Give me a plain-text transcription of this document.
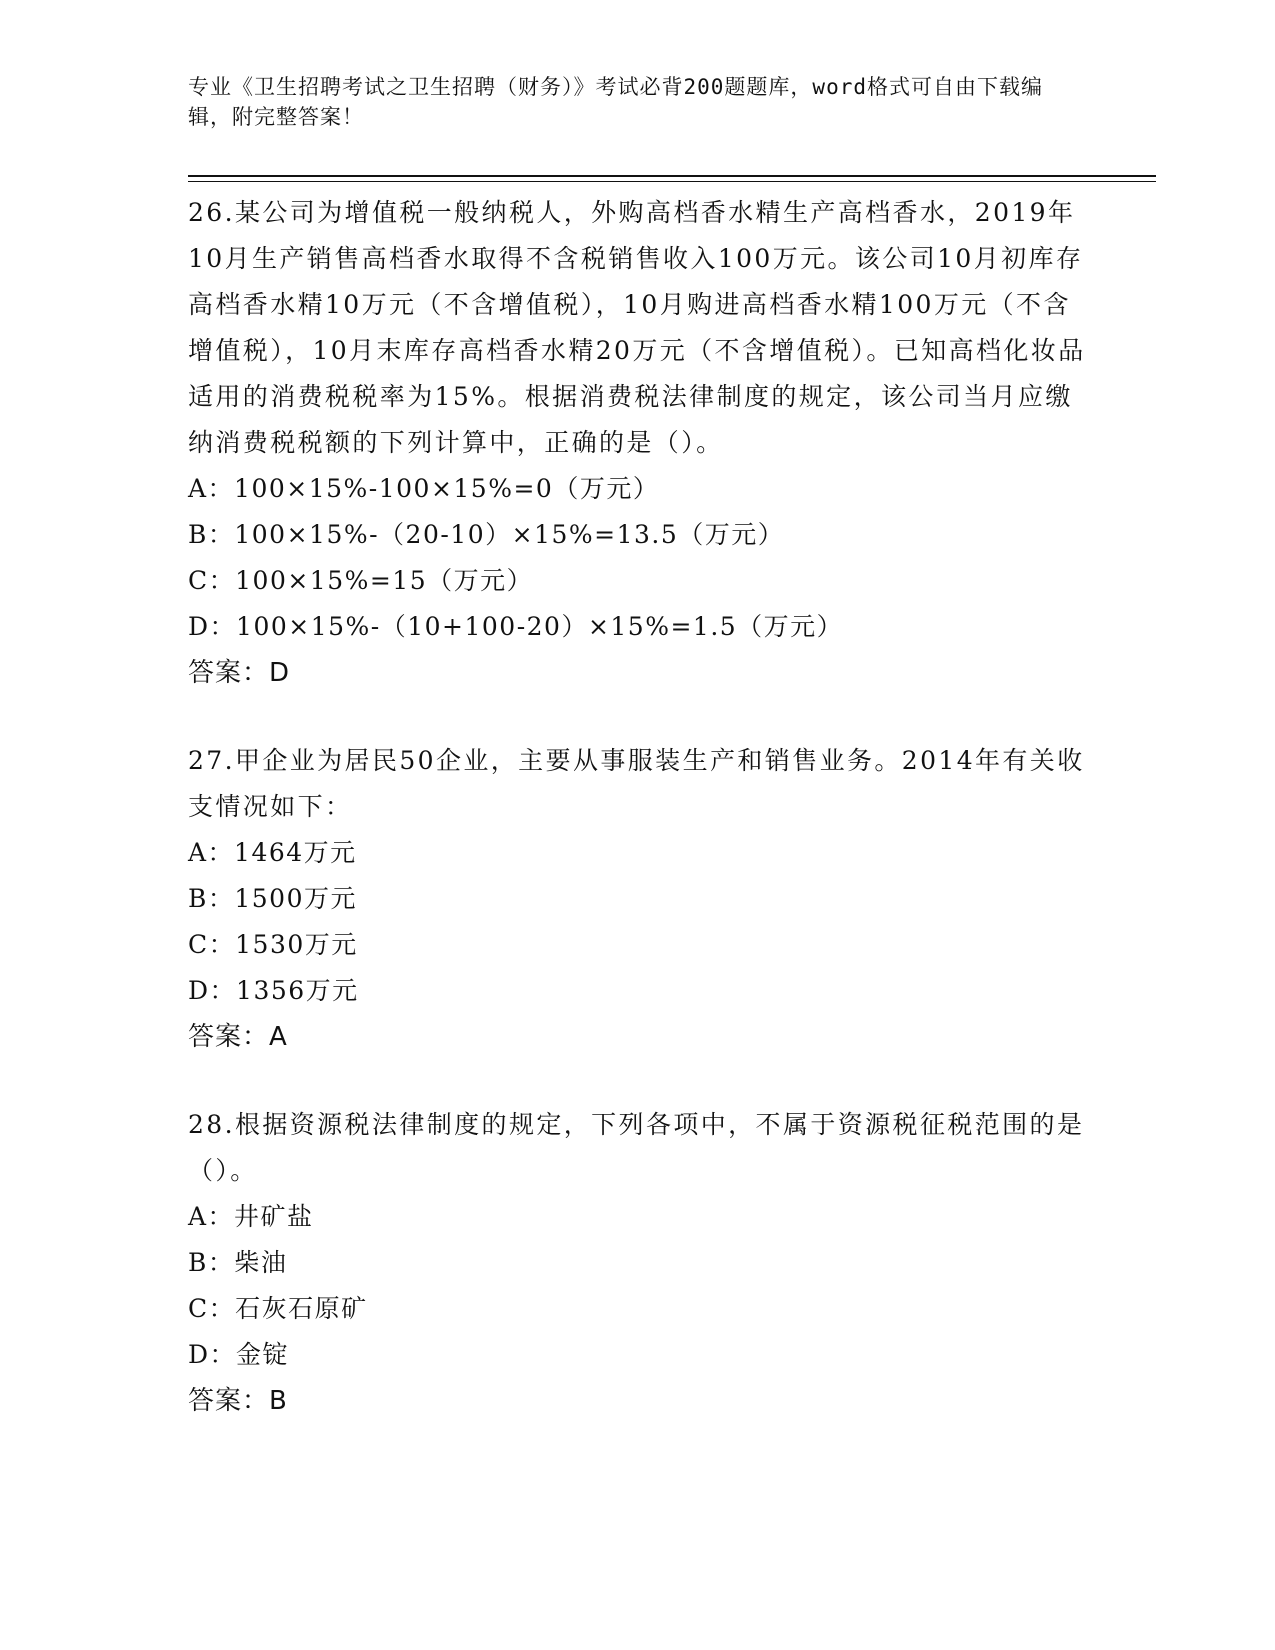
专业《卫生招聘考试之卫生招聘（财务）》考试必背200题题库，word格式可自由下载编辑，附完整答案！

26.某公司为增值税一般纳税人，外购高档香水精生产高档香水，2019年10月生产销售高档香水取得不含税销售收入100万元。该公司10月初库存高档香水精10万元（不含增值税），10月购进高档香水精100万元（不含增值税），10月末库存高档香水精20万元（不含增值税）。已知高档化妆品适用的消费税税率为15%。根据消费税法律制度的规定，该公司当月应缴纳消费税税额的下列计算中，正确的是（）。

A：100×15%-100×15%=0（万元）

B：100×15%-（20-10）×15%=13.5（万元）

C：100×15%=15（万元）

D：100×15%-（10+100-20）×15%=1.5（万元）

答案：D

27.甲企业为居民50企业，主要从事服装生产和销售业务。2014年有关收支情况如下：

A：1464万元

B：1500万元

C：1530万元

D：1356万元

答案：A

28.根据资源税法律制度的规定，下列各项中，不属于资源税征税范围的是（）。

A：井矿盐

B：柴油

C：石灰石原矿

D：金锭

答案：B
